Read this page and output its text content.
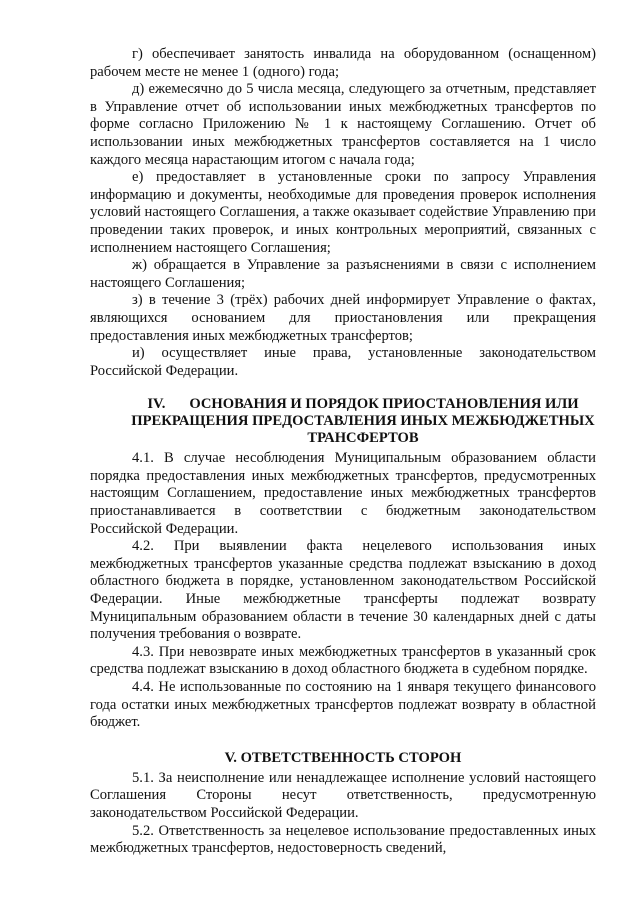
г) обеспечивает занятость инвалида на оборудованном (оснащенном) рабочем месте не менее 1 (одного) года;

д) ежемесячно до 5 числа месяца, следующего за отчетным, представляет в Управление отчет об использовании иных межбюджетных трансфертов по форме согласно Приложению № 1 к настоящему Соглашению. Отчет об использовании иных межбюджетных трансфертов составляется на 1 число каждого месяца нарастающим итогом с начала года;

е) предоставляет в установленные сроки по запросу Управления информацию и документы, необходимые для проведения проверок исполнения условий настоящего Соглашения, а также оказывает содействие Управлению при проведении таких проверок, и иных контрольных мероприятий, связанных с исполнением настоящего Соглашения;

ж) обращается в Управление за разъяснениями в связи с исполнением настоящего Соглашения;

з) в течение 3 (трёх) рабочих дней информирует Управление о фактах, являющихся основанием для приостановления или прекращения предоставления иных межбюджетных трансфертов;

и) осуществляет иные права, установленные законодательством Российской Федерации.

IV. ОСНОВАНИЯ И ПОРЯДОК ПРИОСТАНОВЛЕНИЯ ИЛИ ПРЕКРАЩЕНИЯ ПРЕДОСТАВЛЕНИЯ ИНЫХ МЕЖБЮДЖЕТНЫХ ТРАНСФЕРТОВ

4.1. В случае несоблюдения Муниципальным образованием области порядка предоставления иных межбюджетных трансфертов, предусмотренных настоящим Соглашением, предоставление иных межбюджетных трансфертов приостанавливается в соответствии с бюджетным законодательством Российской Федерации.

4.2. При выявлении факта нецелевого использования иных межбюджетных трансфертов указанные средства подлежат взысканию в доход областного бюджета в порядке, установленном законодательством Российской Федерации. Иные межбюджетные трансферты подлежат возврату Муниципальным образованием области в течение 30 календарных дней с даты получения требования о возврате.

4.3. При невозврате иных межбюджетных трансфертов в указанный срок средства подлежат взысканию в доход областного бюджета в судебном порядке.

4.4. Не использованные по состоянию на 1 января текущего финансового года остатки иных межбюджетных трансфертов подлежат возврату в областной бюджет.

V. ОТВЕТСТВЕННОСТЬ СТОРОН

5.1. За неисполнение или ненадлежащее исполнение условий настоящего Соглашения Стороны несут ответственность, предусмотренную законодательством Российской Федерации.

5.2. Ответственность за нецелевое использование предоставленных иных межбюджетных трансфертов, недостоверность сведений,
